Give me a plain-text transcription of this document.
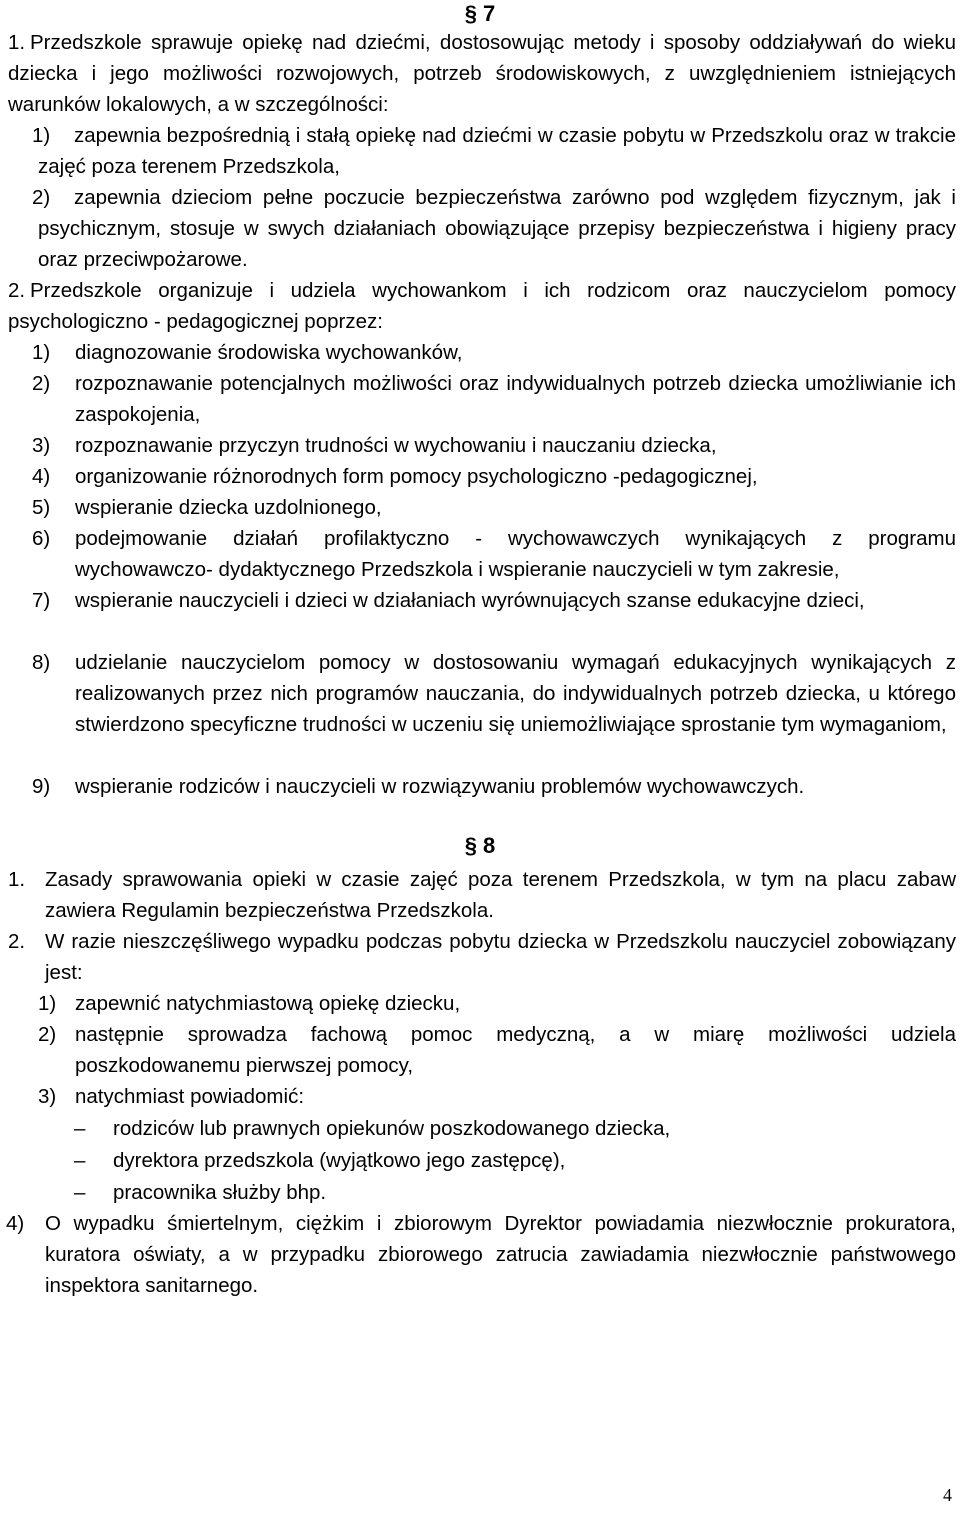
§ 7
1. Przedszkole sprawuje opiekę nad dziećmi, dostosowując metody i sposoby oddziaływań do wieku dziecka i jego możliwości rozwojowych, potrzeb środowiskowych, z uwzględnieniem istniejących warunków lokalowych, a w szczególności:
1)	zapewnia bezpośrednią i stałą opiekę nad dziećmi w czasie pobytu w Przedszkolu oraz w trakcie zajęć poza terenem Przedszkola,
2)	zapewnia dzieciom pełne poczucie bezpieczeństwa zarówno pod względem fizycznym, jak i psychicznym, stosuje w swych działaniach obowiązujące przepisy bezpieczeństwa i higieny pracy oraz przeciwpożarowe.
2. Przedszkole organizuje i udziela wychowankom i ich rodzicom oraz nauczycielom pomocy psychologiczno - pedagogicznej poprzez:
1)	diagnozowanie środowiska wychowanków,
2)	rozpoznawanie potencjalnych możliwości oraz indywidualnych potrzeb dziecka umożliwianie ich zaspokojenia,
3)	rozpoznawanie przyczyn trudności w wychowaniu i nauczaniu dziecka,
4)	organizowanie różnorodnych form pomocy psychologiczno -pedagogicznej,
5)	wspieranie dziecka uzdolnionego,
6)	podejmowanie działań profilaktyczno - wychowawczych wynikających z programu wychowawczo- dydaktycznego Przedszkola i wspieranie nauczycieli w tym zakresie,
7)	wspieranie nauczycieli i dzieci w działaniach wyrównujących szanse edukacyjne dzieci,
8)	udzielanie nauczycielom pomocy w dostosowaniu wymagań edukacyjnych wynikających z realizowanych przez nich programów nauczania, do indywidualnych potrzeb dziecka, u którego stwierdzono specyficzne trudności w uczeniu się uniemożliwiające sprostanie tym wymaganiom,
9)	wspieranie rodziców i nauczycieli w rozwiązywaniu problemów wychowawczych.
§ 8
1. Zasady sprawowania opieki w czasie zajęć poza terenem Przedszkola, w tym na placu zabaw zawiera Regulamin bezpieczeństwa Przedszkola.
2. W razie nieszczęśliwego wypadku podczas pobytu dziecka w Przedszkolu nauczyciel zobowiązany jest:
1) zapewnić natychmiastową opiekę dziecku,
2) następnie sprowadza fachową pomoc medyczną, a w miarę możliwości udziela poszkodowanemu pierwszej pomocy,
3) natychmiast powiadomić:
–	rodziców lub prawnych opiekunów poszkodowanego dziecka,
–	dyrektora przedszkola (wyjątkowo jego zastępcę),
–	pracownika służby bhp.
4)	O wypadku śmiertelnym, ciężkim i zbiorowym Dyrektor powiadamia niezwłocznie prokuratora, kuratora oświaty, a w przypadku zbiorowego zatrucia zawiadamia niezwłocznie państwowego inspektora sanitarnego.
4
